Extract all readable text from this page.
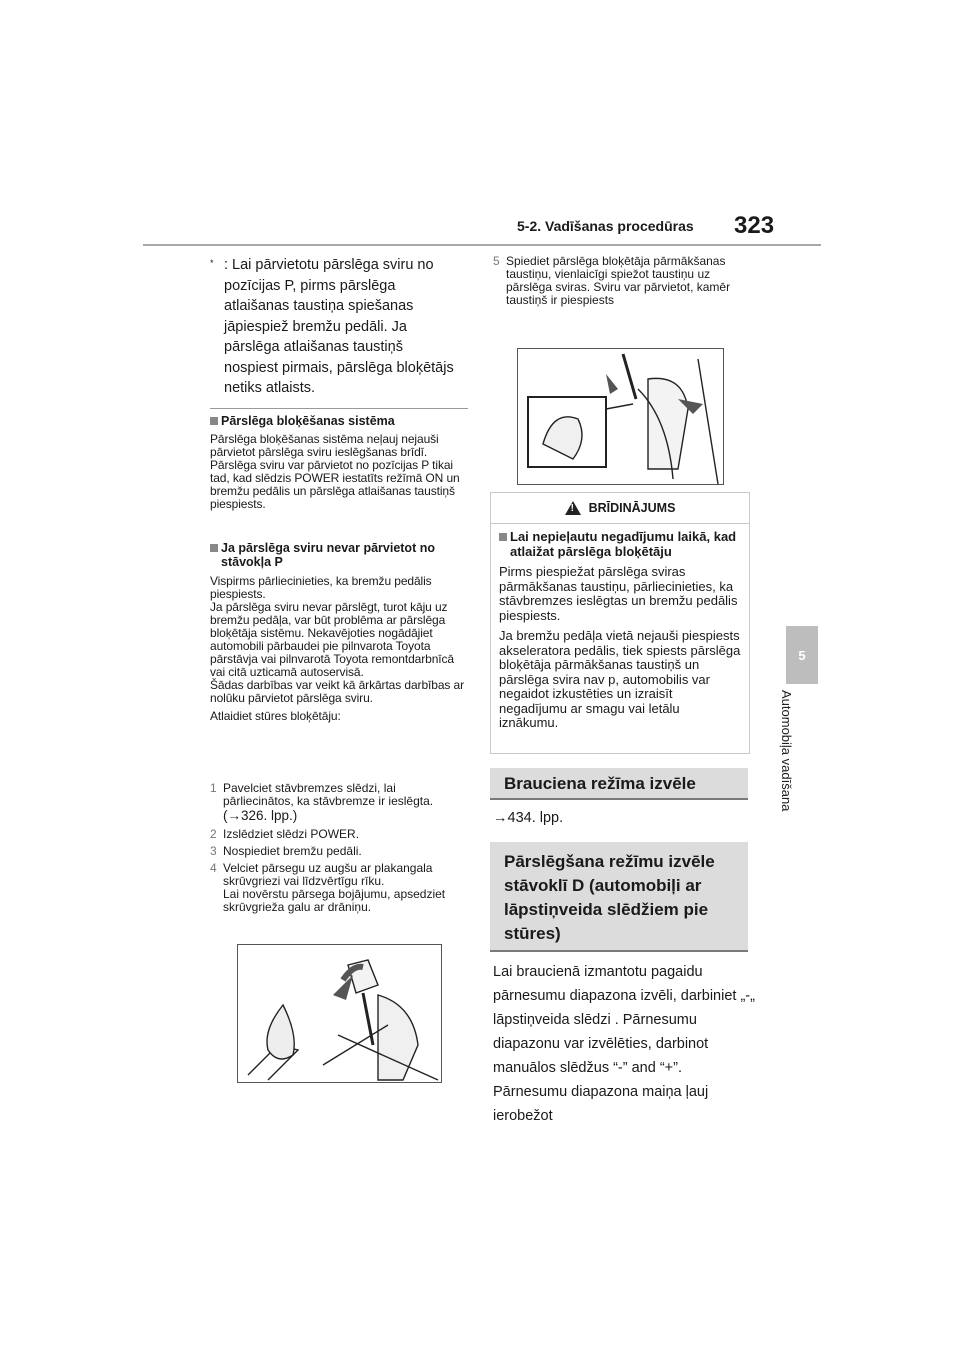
5-2. Vadīšanas procedūras 323
5
Automobiļa vadīšana
* : Lai pārvietotu pārslēga sviru no pozīcijas P, pirms pārslēga atlaišanas taustiņa spiešanas jāpiespiež bremžu pedāli. Ja pārslēga atlaišanas taustiņš nospiest pirmais, pārslēga bloķētājs netiks atlaists.
Pārslēga bloķēšanas sistēma
Pārslēga bloķēšanas sistēma neļauj nejauši pārvietot pārslēga sviru ieslēgšanas brīdī. Pārslēga sviru var pārvietot no pozīcijas P tikai tad, kad slēdzis POWER iestatīts režīmā ON un bremžu pedālis un pārslēga atlaišanas taustiņš piespiests.
Ja pārslēga sviru nevar pārvietot no stāvokļa P
Vispirms pārliecinieties, ka bremžu pedālis piespiests.
Ja pārslēga sviru nevar pārslēgt, turot kāju uz bremžu pedāļa, var būt problēma ar pārslēga bloķētāja sistēmu. Nekavējoties nogādājiet automobili pārbaudei pie pilnvarota Toyota pārstāvja vai pilnvarotā Toyota remontdarbnīcā vai citā uzticamā autoservisā.
Šādas darbības var veikt kā ārkārtas darbības ar nolūku pārvietot pārslēga sviru.
Atlaidiet stūres bloķētāju:
1 Pavelciet stāvbremzes slēdzi, lai pārliecinātos, ka stāvbremze ir ieslēgta.
(→326. lpp.)
2 Izslēdziet slēdzi POWER.
3 Nospiediet bremžu pedāli.
4 Velciet pārsegu uz augšu ar plakangala skrūvgriezi vai līdzvērtīgu rīku.
Lai novērstu pārsega bojājumu, apsedziet skrūvgrieža galu ar drāniņu.
5 Spiediet pārslēga bloķētāja pārmākšanas taustiņu, vienlaicīgi spiežot taustiņu uz pārslēga sviras. Sviru var pārvietot, kamēr taustiņš ir piespiests
!
BRĪDINĀJUMS
Lai nepieļautu negadījumu laikā, kad atlaižat pārslēga bloķētāju

Pirms piespiežat pārslēga sviras pārmākšanas taustiņu, pārliecinieties, ka stāvbremzes ieslēgtas un bremžu pedālis piespiests.

Ja bremžu pedāļa vietā nejauši piespiests akseleratora pedālis, tiek spiests pārslēga bloķētāja pārmākšanas taustiņš un pārslēga svira nav p, automobilis var negaidot izkustēties un izraisīt negadījumu ar smagu vai letālu iznākumu.

Brauciena režīma izvēle
→434. lpp.
Pārslēgšana režīmu izvēle stāvoklī D (automobiļi ar lāpstiņveida slēdžiem pie stūres)
Lai braucienā izmantotu pagaidu pārnesumu diapazona izvēli, darbiniet „-„ lāpstiņveida slēdzi . Pārnesumu diapazonu var izvēlēties, darbinot manuālos slēdžus “-” and “+”. Pārnesumu diapazona maiņa ļauj ierobežot
